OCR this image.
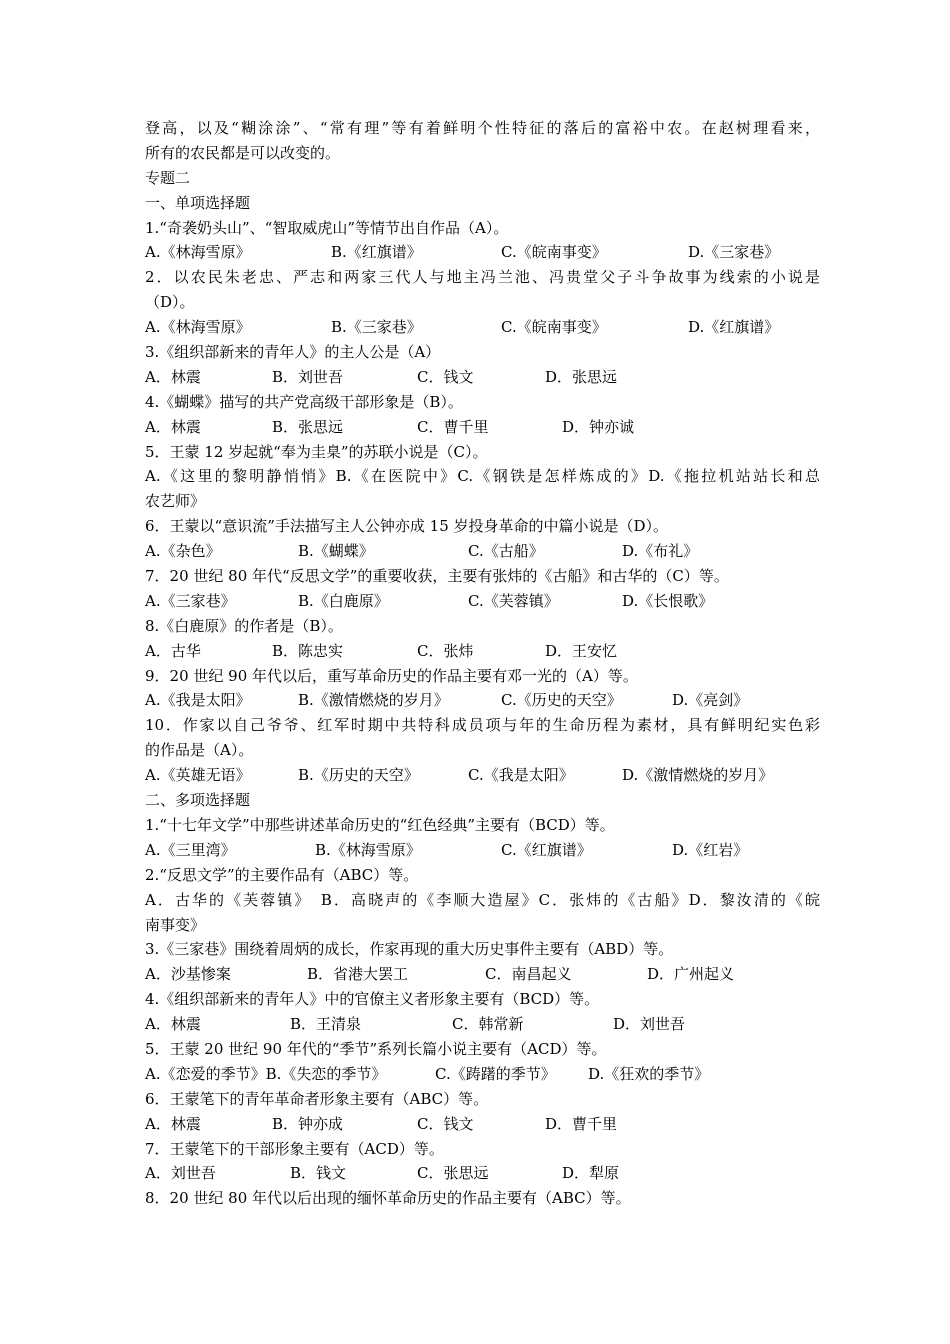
登高，以及“糊涂涂”、“常有理”等有着鲜明个性特征的落后的富裕中农。在赵树理看来，
所有的农民都是可以改变的。
专题二
一、单项选择题
1.“奇袭奶头山”、“智取威虎山”等情节出自作品（A）。
A.《林海雪原》	B.《红旗谱》	C.《皖南事变》	D.《三家巷》
2．以农民朱老忠、严志和两家三代人与地主冯兰池、冯贵堂父子斗争故事为线索的小说是
（D）。
A.《林海雪原》	B.《三家巷》	C.《皖南事变》	D.《红旗谱》
3.《组织部新来的青年人》的主人公是（A）
A．林震	B．刘世吾	C．钱文	D．张思远
4.《蝴蝶》描写的共产党高级干部形象是（B）。
A．林震	B．张思远	C．曹千里	D．钟亦诚
5．王蒙 12 岁起就“奉为圭臬”的苏联小说是（C）。
A.《这里的黎明静悄悄》B.《在医院中》C.《钢铁是怎样炼成的》D.《拖拉机站站长和总
农艺师》
6．王蒙以“意识流”手法描写主人公钟亦成 15 岁投身革命的中篇小说是（D）。
A.《杂色》	B.《蝴蝶》	C.《古船》	D.《布礼》
7．20 世纪 80 年代“反思文学”的重要收获，主要有张炜的《古船》和古华的（C）等。
A.《三家巷》	B.《白鹿原》	C.《芙蓉镇》	D.《长恨歌》
8.《白鹿原》的作者是（B）。
A．古华	B．陈忠实	C．张炜	D．王安忆
9．20 世纪 90 年代以后，重写革命历史的作品主要有邓一光的（A）等。
A.《我是太阳》	B.《激情燃烧的岁月》	C.《历史的天空》	D.《亮剑》
10．作家以自己爷爷、红军时期中共特科成员项与年的生命历程为素材，具有鲜明纪实色彩
的作品是（A）。
A.《英雄无语》	B.《历史的天空》	C.《我是太阳》	D.《激情燃烧的岁月》
二、多项选择题
1.“十七年文学”中那些讲述革命历史的“红色经典”主要有（BCD）等。
A.《三里湾》	B.《林海雪原》	C.《红旗谱》	D.《红岩》
2.“反思文学”的主要作品有（ABC）等。
A．古华的《芙蓉镇》　B．高晓声的《李顺大造屋》C．张炜的《古船》D．黎汝清的《皖
南事变》
3.《三家巷》围绕着周炳的成长，作家再现的重大历史事件主要有（ABD）等。
A．沙基惨案	B．省港大罢工	C．南昌起义	D．广州起义
4.《组织部新来的青年人》中的官僚主义者形象主要有（BCD）等。
A．林震	B．王清泉	C．韩常新	D．刘世吾
5．王蒙 20 世纪 90 年代的“季节”系列长篇小说主要有（ACD）等。
A.《恋爱的季节》B.《失恋的季节》	C.《踌躇的季节》 D.《狂欢的季节》
6．王蒙笔下的青年革命者形象主要有（ABC）等。
A．林震	B．钟亦成	C．钱文	D．曹千里
7．王蒙笔下的干部形象主要有（ACD）等。
A．刘世吾	B．钱文	C．张思远	D．犁原
8．20 世纪 80 年代以后出现的缅怀革命历史的作品主要有（ABC）等。
